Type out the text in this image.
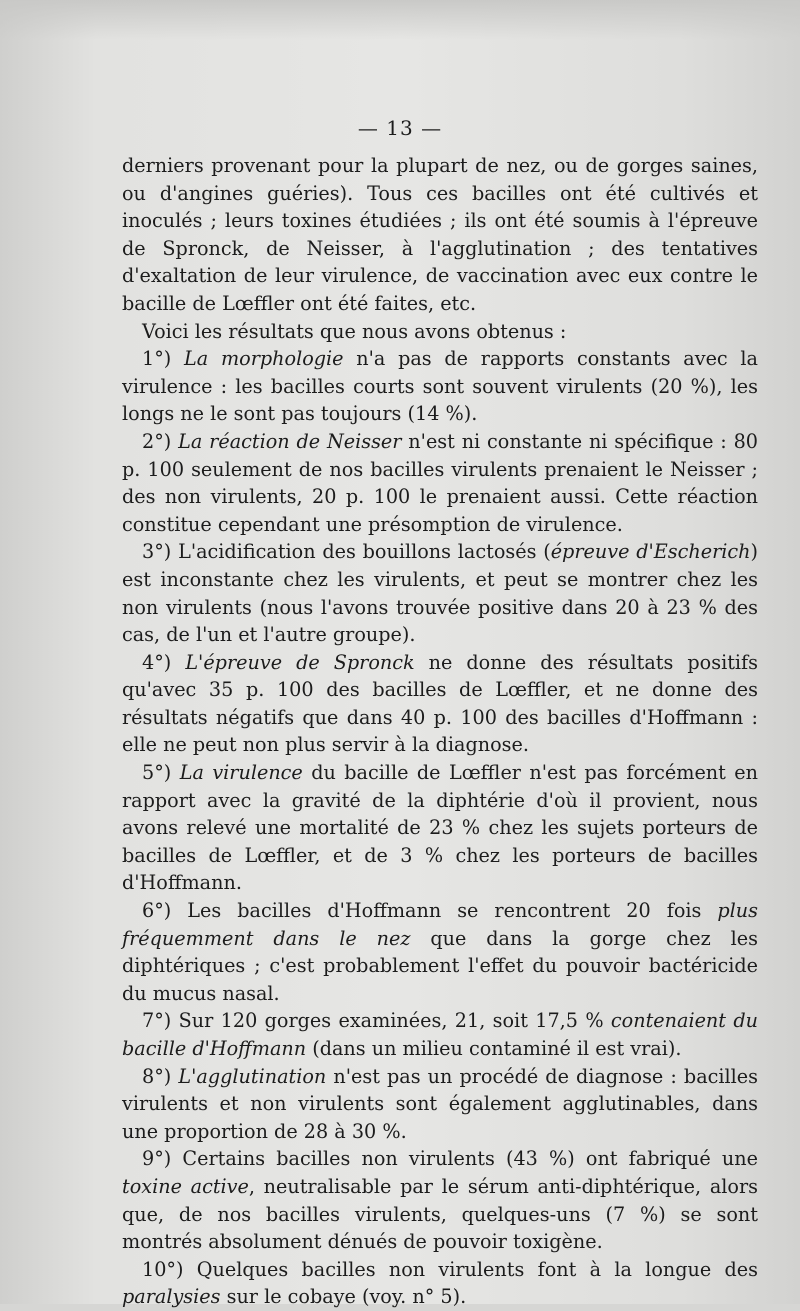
— 13 —

derniers provenant pour la plupart de nez, ou de gorges saines, ou d'angines guéries). Tous ces bacilles ont été cultivés et inoculés ; leurs toxines étudiées ; ils ont été soumis à l'épreuve de Spronck, de Neisser, à l'agglutination ; des tentatives d'exaltation de leur virulence, de vaccination avec eux contre le bacille de Lœffler ont été faites, etc.

Voici les résultats que nous avons obtenus :

1°) La morphologie n'a pas de rapports constants avec la virulence : les bacilles courts sont souvent virulents (20 %), les longs ne le sont pas toujours (14 %).

2°) La réaction de Neisser n'est ni constante ni spécifique : 80 p. 100 seulement de nos bacilles virulents prenaient le Neisser ; des non virulents, 20 p. 100 le prenaient aussi. Cette réaction constitue cependant une présomption de virulence.

3°) L'acidification des bouillons lactosés (épreuve d'Escherich) est inconstante chez les virulents, et peut se montrer chez les non virulents (nous l'avons trouvée positive dans 20 à 23 % des cas, de l'un et l'autre groupe).

4°) L'épreuve de Spronck ne donne des résultats positifs qu'avec 35 p. 100 des bacilles de Lœffler, et ne donne des résultats négatifs que dans 40 p. 100 des bacilles d'Hoffmann : elle ne peut non plus servir à la diagnose.

5°) La virulence du bacille de Lœffler n'est pas forcément en rapport avec la gravité de la diphtérie d'où il provient, nous avons relevé une mortalité de 23 % chez les sujets porteurs de bacilles de Lœffler, et de 3 % chez les porteurs de bacilles d'Hoffmann.

6°) Les bacilles d'Hoffmann se rencontrent 20 fois plus fréquemment dans le nez que dans la gorge chez les diphtériques ; c'est probablement l'effet du pouvoir bactéricide du mucus nasal.

7°) Sur 120 gorges examinées, 21, soit 17,5 % contenaient du bacille d'Hoffmann (dans un milieu contaminé il est vrai).

8°) L'agglutination n'est pas un procédé de diagnose : bacilles virulents et non virulents sont également agglutinables, dans une proportion de 28 à 30 %.

9°) Certains bacilles non virulents (43 %) ont fabriqué une toxine active, neutralisable par le sérum anti-diphtérique, alors que, de nos bacilles virulents, quelques-uns (7 %) se sont montrés absolument dénués de pouvoir toxigène.

10°) Quelques bacilles non virulents font à la longue des paralysies sur le cobaye (voy. n° 5).
